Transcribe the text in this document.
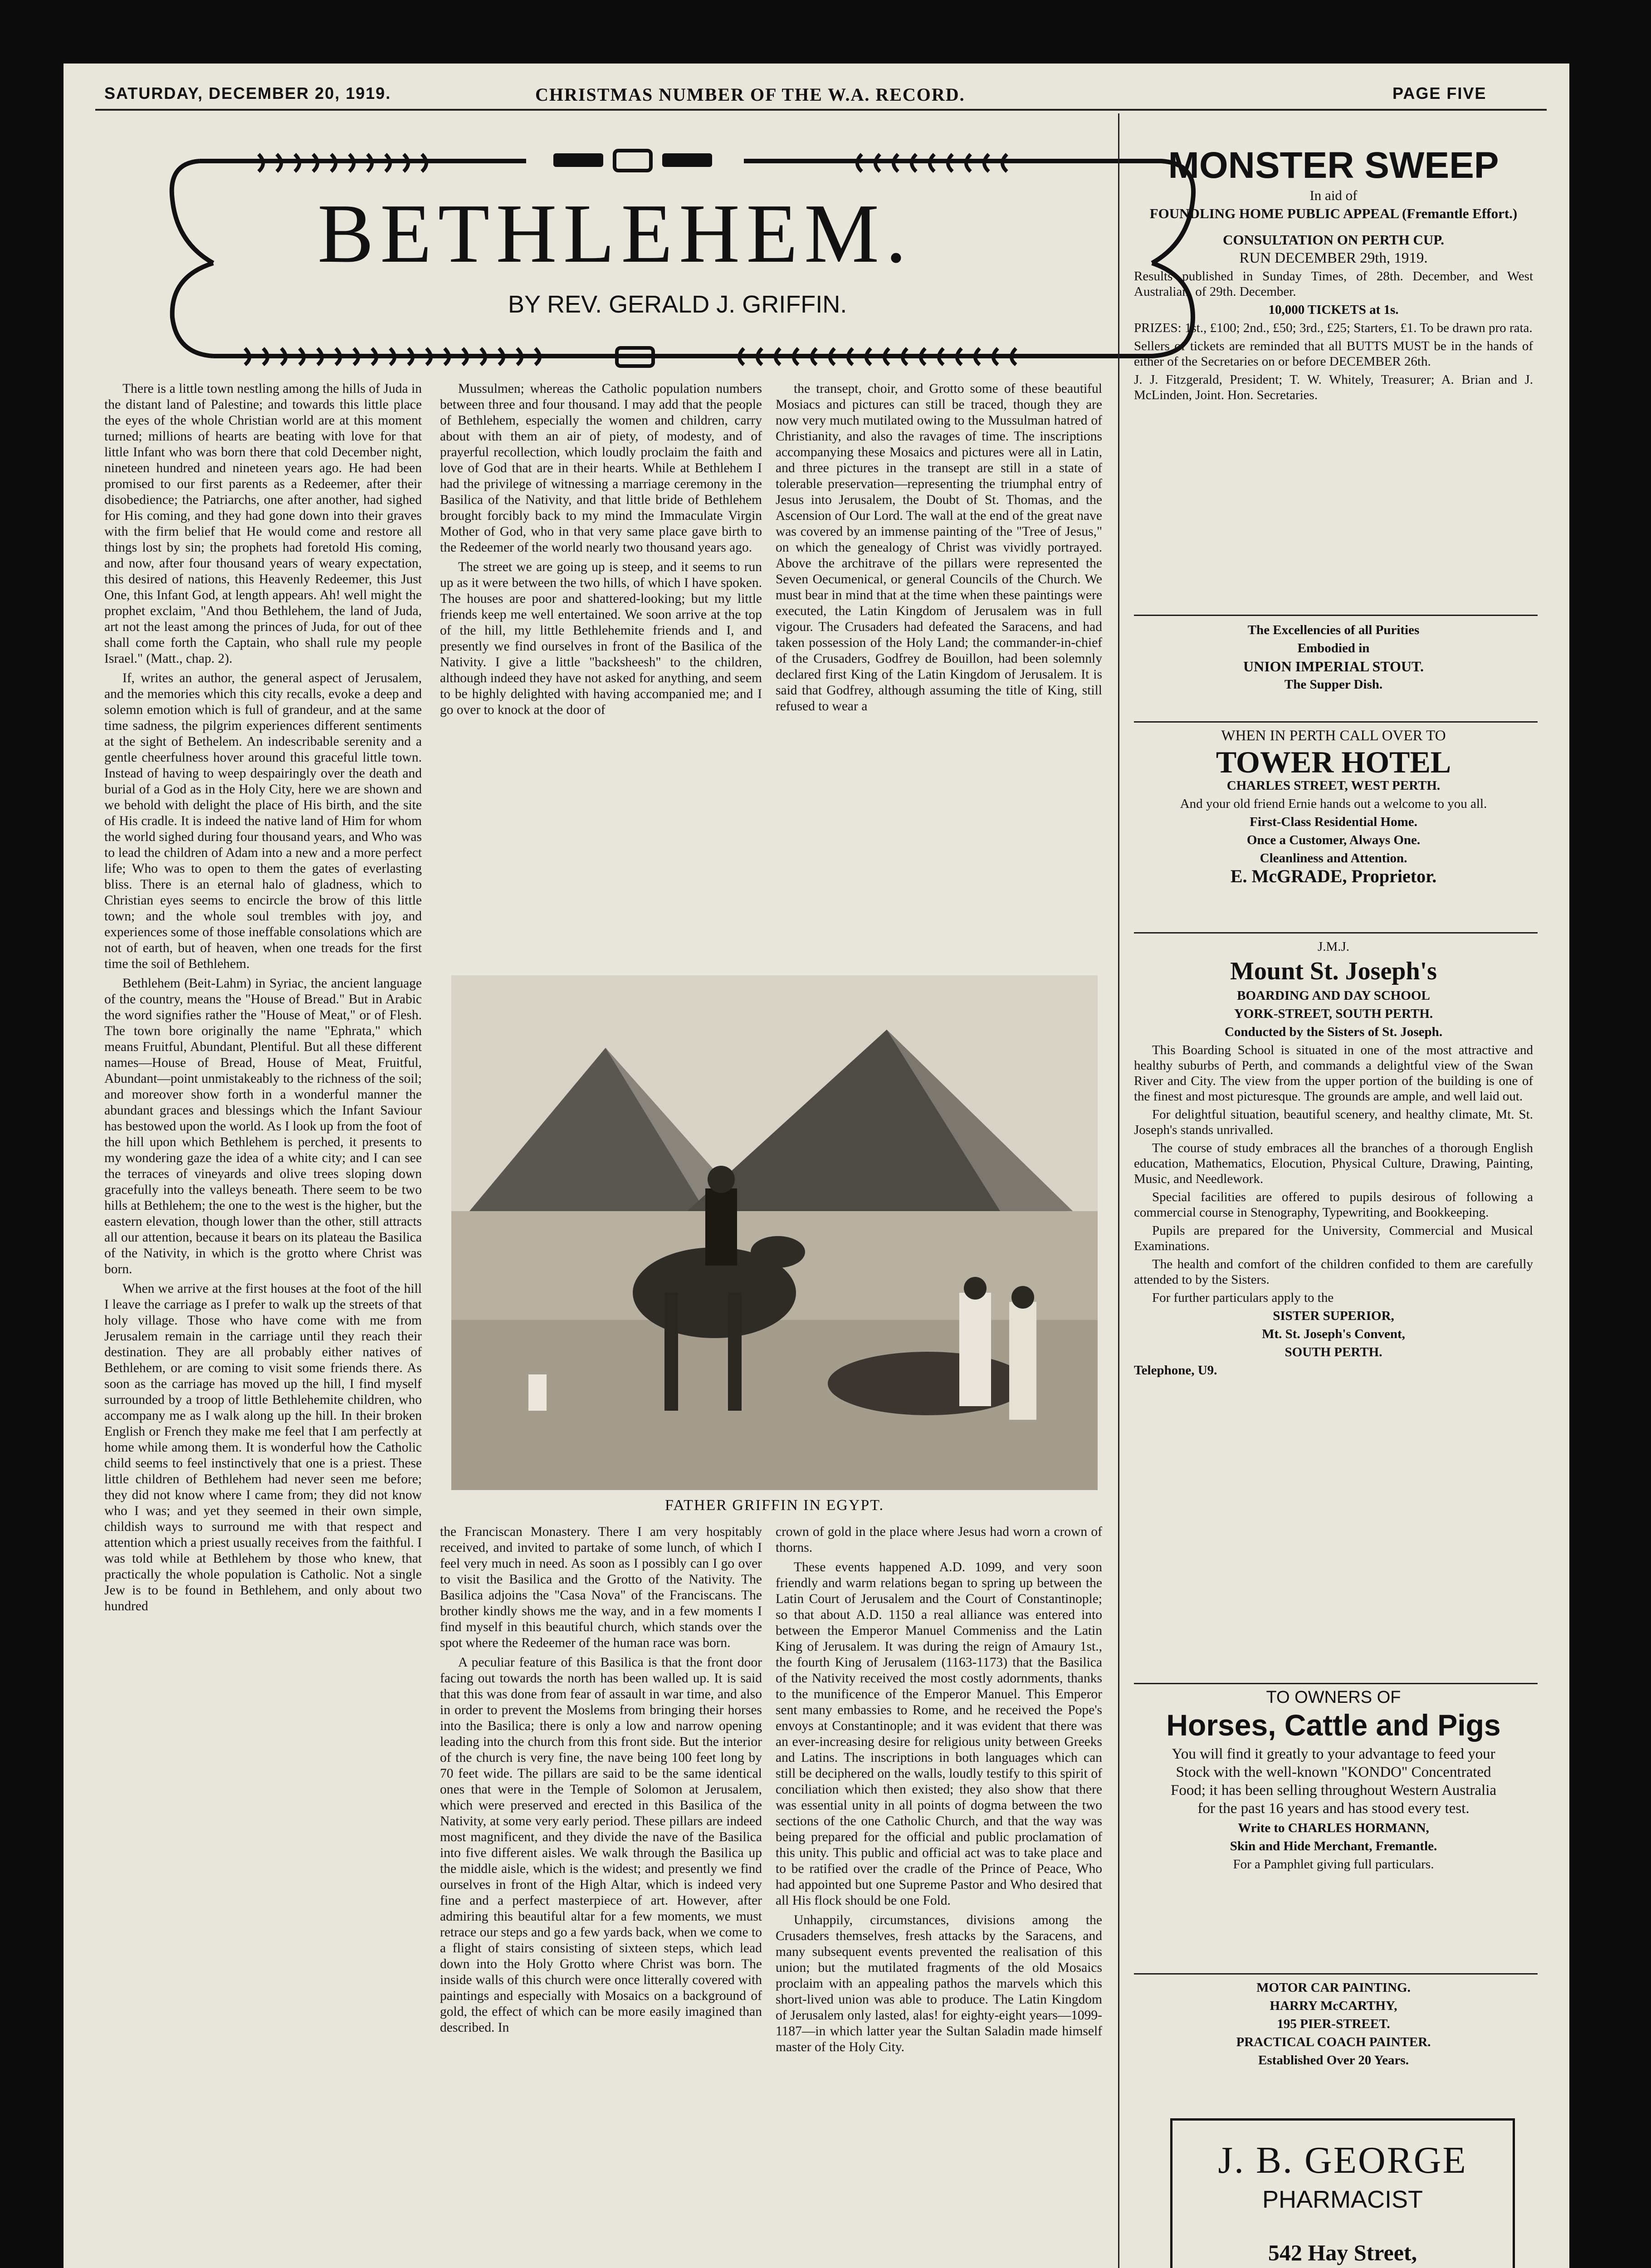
SATURDAY, DECEMBER 20, 1919.	CHRISTMAS NUMBER OF THE W.A. RECORD.	PAGE FIVE
BETHLEHEM.
BY REV. GERALD J. GRIFFIN.

There is a little town nestling among the hills of Juda in the distant land of Palestine; and towards this little place the eyes of the whole Christian world are at this moment turned; millions of hearts are beating with love for that little Infant who was born there that cold December night, nineteen hundred and nineteen years ago. He had been promised to our first parents as a Redeemer, after their disobedience; the Patriarchs, one after another, had sighed for His coming, and they had gone down into their graves with the firm belief that He would come and restore all things lost by sin; the prophets had foretold His coming, and now, after four thousand years of weary expectation, this desired of nations, this Heavenly Redeemer, this Just One, this Infant God, at length appears. Ah! well might the prophet exclaim, "And thou Bethlehem, the land of Juda, art not the least among the princes of Juda, for out of thee shall come forth the Captain, who shall rule my people Israel." (Matt., chap. 2).

If, writes an author, the general aspect of Jerusalem, and the memories which this city recalls, evoke a deep and solemn emotion which is full of grandeur, and at the same time sadness, the pilgrim experiences different sentiments at the sight of Bethelem. An indescribable serenity and a gentle cheerfulness hover around this graceful little town. Instead of having to weep despairingly over the death and burial of a God as in the Holy City, here we are shown and we behold with delight the place of His birth, and the site of His cradle. It is indeed the native land of Him for whom the world sighed during four thousand years, and Who was to lead the children of Adam into a new and a more perfect life; Who was to open to them the gates of everlasting bliss. There is an eternal halo of gladness, which to Christian eyes seems to encircle the brow of this little town; and the whole soul trembles with joy, and experiences some of those ineffable consolations which are not of earth, but of heaven, when one treads for the first time the soil of Bethlehem.

Bethlehem (Beit-Lahm) in Syriac, the ancient language of the country, means the "House of Bread." But in Arabic the word signifies rather the "House of Meat," or of Flesh. The town bore originally the name "Ephrata," which means Fruitful, Abundant, Plentiful. But all these different names—House of Bread, House of Meat, Fruitful, Abundant—point unmistakeably to the richness of the soil; and moreover show forth in a wonderful manner the abundant graces and blessings which the Infant Saviour has bestowed upon the world. As I look up from the foot of the hill upon which Bethlehem is perched, it presents to my wondering gaze the idea of a white city; and I can see the terraces of vineyards and olive trees sloping down gracefully into the valleys beneath. There seem to be two hills at Bethlehem; the one to the west is the higher, but the eastern elevation, though lower than the other, still attracts all our attention, because it bears on its plateau the Basilica of the Nativity, in which is the grotto where Christ was born.

When we arrive at the first houses at the foot of the hill I leave the carriage as I prefer to walk up the streets of that holy village. Those who have come with me from Jerusalem remain in the carriage until they reach their destination. They are all probably either natives of Bethlehem, or are coming to visit some friends there. As soon as the carriage has moved up the hill, I find myself surrounded by a troop of little Bethlehemite children, who accompany me as I walk along up the hill. In their broken English or French they make me feel that I am perfectly at home while among them. It is wonderful how the Catholic child seems to feel instinctively that one is a priest. These little children of Bethlehem had never seen me before; they did not know where I came from; they did not know who I was; and yet they seemed in their own simple, childish ways to surround me with that respect and attention which a priest usually receives from the faithful. I was told while at Bethlehem by those who knew, that practically the whole population is Catholic. Not a single Jew is to be found in Bethlehem, and only about two hundred

Mussulmen; whereas the Catholic population numbers between three and four thousand. I may add that the people of Bethlehem, especially the women and children, carry about with them an air of piety, of modesty, and of prayerful recollection, which loudly proclaim the faith and love of God that are in their hearts. While at Bethlehem I had the privilege of witnessing a marriage ceremony in the Basilica of the Nativity, and that little bride of Bethlehem brought forcibly back to my mind the Immaculate Virgin Mother of God, who in that very same place gave birth to the Redeemer of the world nearly two thousand years ago.

The street we are going up is steep, and it seems to run up as it were between the two hills, of which I have spoken. The houses are poor and shattered-looking; but my little friends keep me well entertained. We soon arrive at the top of the hill, my little Bethlehemite friends and I, and presently we find ourselves in front of the Basilica of the Nativity. I give a little "backsheesh" to the children, although indeed they have not asked for anything, and seem to be highly delighted with having accompanied me; and I go over to knock at the door of

the transept, choir, and Grotto some of these beautiful Mosiacs and pictures can still be traced, though they are now very much mutilated owing to the Mussulman hatred of Christianity, and also the ravages of time. The inscriptions accompanying these Mosaics and pictures were all in Latin, and three pictures in the transept are still in a state of tolerable preservation—representing the triumphal entry of Jesus into Jerusalem, the Doubt of St. Thomas, and the Ascension of Our Lord. The wall at the end of the great nave was covered by an immense painting of the "Tree of Jesus," on which the genealogy of Christ was vividly portrayed. Above the architrave of the pillars were represented the Seven Oecumenical, or general Councils of the Church. We must bear in mind that at the time when these paintings were executed, the Latin Kingdom of Jerusalem was in full vigour. The Crusaders had defeated the Saracens, and had taken possession of the Holy Land; the commander-in-chief of the Crusaders, Godfrey de Bouillon, had been solemnly declared first King of the Latin Kingdom of Jerusalem. It is said that Godfrey, although assuming the title of King, still refused to wear a

FATHER GRIFFIN IN EGYPT.

the Franciscan Monastery. There I am very hospitably received, and invited to partake of some lunch, of which I feel very much in need. As soon as I possibly can I go over to visit the Basilica and the Grotto of the Nativity. The Basilica adjoins the "Casa Nova" of the Franciscans. The brother kindly shows me the way, and in a few moments I find myself in this beautiful church, which stands over the spot where the Redeemer of the human race was born.

A peculiar feature of this Basilica is that the front door facing out towards the north has been walled up. It is said that this was done from fear of assault in war time, and also in order to prevent the Moslems from bringing their horses into the Basilica; there is only a low and narrow opening leading into the church from this front side. But the interior of the church is very fine, the nave being 100 feet long by 70 feet wide. The pillars are said to be the same identical ones that were in the Temple of Solomon at Jerusalem, which were preserved and erected in this Basilica of the Nativity, at some very early period. These pillars are indeed most magnificent, and they divide the nave of the Basilica into five different aisles. We walk through the Basilica up the middle aisle, which is the widest; and presently we find ourselves in front of the High Altar, which is indeed very fine and a perfect masterpiece of art. However, after admiring this beautiful altar for a few moments, we must retrace our steps and go a few yards back, when we come to a flight of stairs consisting of sixteen steps, which lead down into the Holy Grotto where Christ was born. The inside walls of this church were once litterally covered with paintings and especially with Mosaics on a background of gold, the effect of which can be more easily imagined than described. In

crown of gold in the place where Jesus had worn a crown of thorns.

These events happened A.D. 1099, and very soon friendly and warm relations began to spring up between the Latin Court of Jerusalem and the Court of Constantinople; so that about A.D. 1150 a real alliance was entered into between the Emperor Manuel Commeniss and the Latin King of Jerusalem. It was during the reign of Amaury 1st., the fourth King of Jerusalem (1163-1173) that the Basilica of the Nativity received the most costly adornments, thanks to the munificence of the Emperor Manuel. This Emperor sent many embassies to Rome, and he received the Pope's envoys at Constantinople; and it was evident that there was an ever-increasing desire for religious unity between Greeks and Latins. The inscriptions in both languages which can still be deciphered on the walls, loudly testify to this spirit of conciliation which then existed; they also show that there was essential unity in all points of dogma between the two sections of the one Catholic Church, and that the way was being prepared for the official and public proclamation of this unity. This public and official act was to take place and to be ratified over the cradle of the Prince of Peace, Who had appointed but one Supreme Pastor and Who desired that all His flock should be one Fold.

Unhappily, circumstances, divisions among the Crusaders themselves, fresh attacks by the Saracens, and many subsequent events prevented the realisation of this union; but the mutilated fragments of the old Mosaics proclaim with an appealing pathos the marvels which this short-lived union was able to produce. The Latin Kingdom of Jerusalem only lasted, alas! for eighty-eight years—1099-1187—in which latter year the Sultan Saladin made himself master of the Holy City.

MONSTER SWEEP

In aid of

FOUNDLING HOME PUBLIC APPEAL (Fremantle Effort.)

CONSULTATION ON PERTH CUP.

RUN DECEMBER 29th, 1919.

Results published in Sunday Times, of 28th. December, and West Australian, of 29th. December.

10,000 TICKETS at 1s.

PRIZES: 1st., £100; 2nd., £50; 3rd., £25; Starters, £1. To be drawn pro rata.

Sellers of tickets are reminded that all BUTTS MUST be in the hands of either of the Secretaries on or before DECEMBER 26th.

J. J. Fitzgerald, President; T. W. Whitely, Treasurer; A. Brian and J. McLinden, Joint. Hon. Secretaries.

The Excellencies of all Purities

Embodied in

UNION IMPERIAL STOUT.

The Supper Dish.

WHEN IN PERTH CALL OVER TO

TOWER HOTEL

CHARLES STREET, WEST PERTH.

And your old friend Ernie hands out a welcome to you all.

First-Class Residential Home.

Once a Customer, Always One.

Cleanliness and Attention.

E. McGRADE, Proprietor.

J.M.J.

Mount St. Joseph's

BOARDING AND DAY SCHOOL

YORK-STREET, SOUTH PERTH.

Conducted by the Sisters of St. Joseph.

This Boarding School is situated in one of the most attractive and healthy suburbs of Perth, and commands a delightful view of the Swan River and City. The view from the upper portion of the building is one of the finest and most picturesque. The grounds are ample, and well laid out.

For delightful situation, beautiful scenery, and healthy climate, Mt. St. Joseph's stands unrivalled.

The course of study embraces all the branches of a thorough English education, Mathematics, Elocution, Physical Culture, Drawing, Painting, Music, and Needlework.

Special facilities are offered to pupils desirous of following a commercial course in Stenography, Typewriting, and Bookkeeping.

Pupils are prepared for the University, Commercial and Musical Examinations.

The health and comfort of the children confided to them are carefully attended to by the Sisters.

For further particulars apply to the

SISTER SUPERIOR,

Mt. St. Joseph's Convent,

SOUTH PERTH.

Telephone, U9.

TO OWNERS OF

Horses, Cattle and Pigs

You will find it greatly to your advantage to feed your Stock with the well-known "KONDO" Concentrated Food; it has been selling throughout Western Australia for the past 16 years and has stood every test.

Write to CHARLES HORMANN,

Skin and Hide Merchant, Fremantle.

For a Pamphlet giving full particulars.

MOTOR CAR PAINTING.

HARRY McCARTHY,

195 PIER-STREET.

PRACTICAL COACH PAINTER.

Established Over 20 Years.

J. B. GEORGE

PHARMACIST

542 Hay Street,
